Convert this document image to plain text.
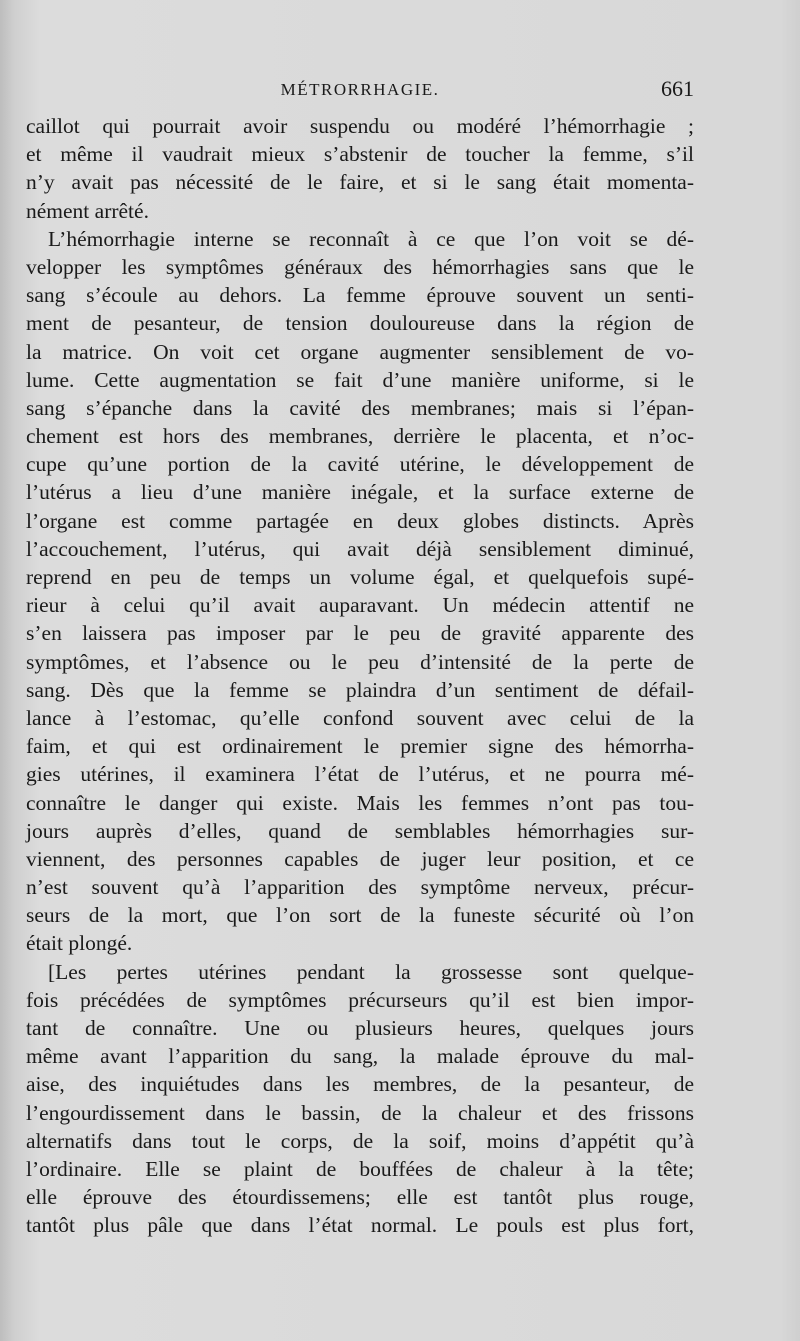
MÉTRORRHAGIE.	661
caillot qui pourrait avoir suspendu ou modéré l’hémorrhagie ;
et même il vaudrait mieux s’abstenir de toucher la femme, s’il
n’y avait pas nécessité de le faire, et si le sang était momenta-
nément arrêté.
L’hémorrhagie interne se reconnaît à ce que l’on voit se dé-
velopper les symptômes généraux des hémorrhagies sans que le
sang s’écoule au dehors. La femme éprouve souvent un senti-
ment de pesanteur, de tension douloureuse dans la région de
la matrice. On voit cet organe augmenter sensiblement de vo-
lume. Cette augmentation se fait d’une manière uniforme, si le
sang s’épanche dans la cavité des membranes; mais si l’épan-
chement est hors des membranes, derrière le placenta, et n’oc-
cupe qu’une portion de la cavité utérine, le développement de
l’utérus a lieu d’une manière inégale, et la surface externe de
l’organe est comme partagée en deux globes distincts. Après
l’accouchement, l’utérus, qui avait déjà sensiblement diminué,
reprend en peu de temps un volume égal, et quelquefois supé-
rieur à celui qu’il avait auparavant. Un médecin attentif ne
s’en laissera pas imposer par le peu de gravité apparente des
symptômes, et l’absence ou le peu d’intensité de la perte de
sang. Dès que la femme se plaindra d’un sentiment de défail-
lance à l’estomac, qu’elle confond souvent avec celui de la
faim, et qui est ordinairement le premier signe des hémorrha-
gies utérines, il examinera l’état de l’utérus, et ne pourra mé-
connaître le danger qui existe. Mais les femmes n’ont pas tou-
jours auprès d’elles, quand de semblables hémorrhagies sur-
viennent, des personnes capables de juger leur position, et ce
n’est souvent qu’à l’apparition des symptôme nerveux, précur-
seurs de la mort, que l’on sort de la funeste sécurité où l’on
était plongé.
[Les pertes utérines pendant la grossesse sont quelque-
fois précédées de symptômes précurseurs qu’il est bien impor-
tant de connaître. Une ou plusieurs heures, quelques jours
même avant l’apparition du sang, la malade éprouve du mal-
aise, des inquiétudes dans les membres, de la pesanteur, de
l’engourdissement dans le bassin, de la chaleur et des frissons
alternatifs dans tout le corps, de la soif, moins d’appétit qu’à
l’ordinaire. Elle se plaint de bouffées de chaleur à la tête;
elle éprouve des étourdissemens; elle est tantôt plus rouge,
tantôt plus pâle que dans l’état normal. Le pouls est plus fort,
